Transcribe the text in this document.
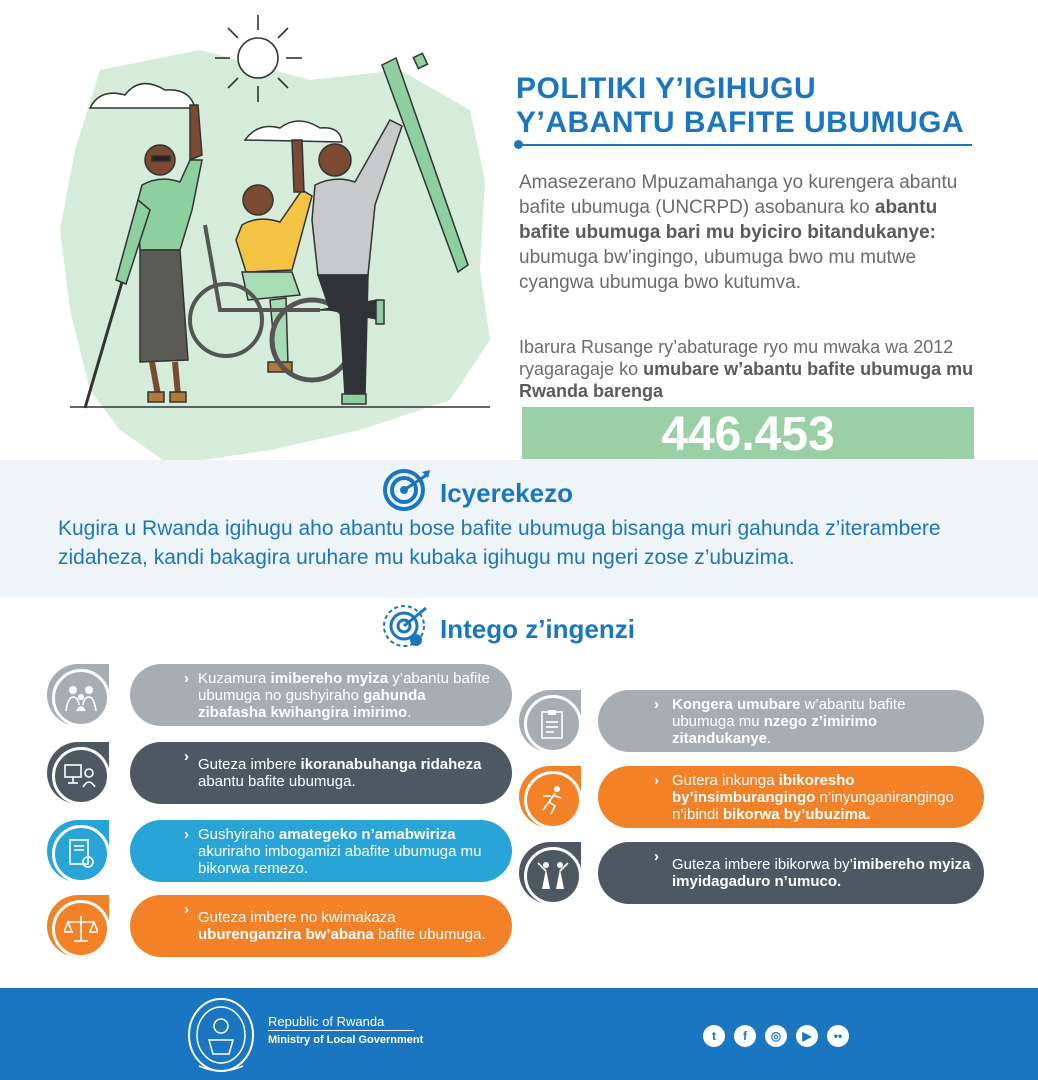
POLITIKI Y’IGIHUGU
Y’ABANTU BAFITE UBUMUGA
Amasezerano Mpuzamahanga yo kurengera abantu bafite ubumuga (UNCRPD) asobanura ko abantu bafite ubumuga bari mu byiciro bitandukanye: ubumuga bw’ingingo, ubumuga bwo mu mutwe cyangwa ubumuga bwo kutumva.
Ibarura Rusange ry’abaturage ryo mu mwaka wa 2012 ryagaragaje ko umubare w’abantu bafite ubumuga mu Rwanda barenga
446.453
Icyerekezo
Kugira u Rwanda igihugu aho abantu bose bafite ubumuga bisanga muri gahunda z’iterambere zidaheza, kandi bakagira uruhare mu kubaka igihugu mu ngeri zose z’ubuzima.
Intego z’ingenzi
› Kuzamura imibereho myiza y’abantu bafite ubumuga no gushyiraho gahunda zibafasha kwihangira imirimo.
› Guteza imbere ikoranabuhanga ridaheza abantu bafite ubumuga.
› Gushyiraho amategeko n’amabwiriza akuriraho imbogamizi abafite ubumuga mu bikorwa remezo.
› Guteza imbere no kwimakaza uburenganzira bw’abana bafite ubumuga.
› Kongera umubare w’abantu bafite ubumuga mu nzego z’imirimo zitandukanye.
› Gutera inkunga ibikoresho by’insimburangingo n’inyunganirangingo n’ibindi bikorwa by’ubuzima.
› Guteza imbere ibikorwa by’imibereho myiza imyidagaduro n’umuco.
Republic of Rwanda
Ministry of Local Government	t	f	◎	▶	••
